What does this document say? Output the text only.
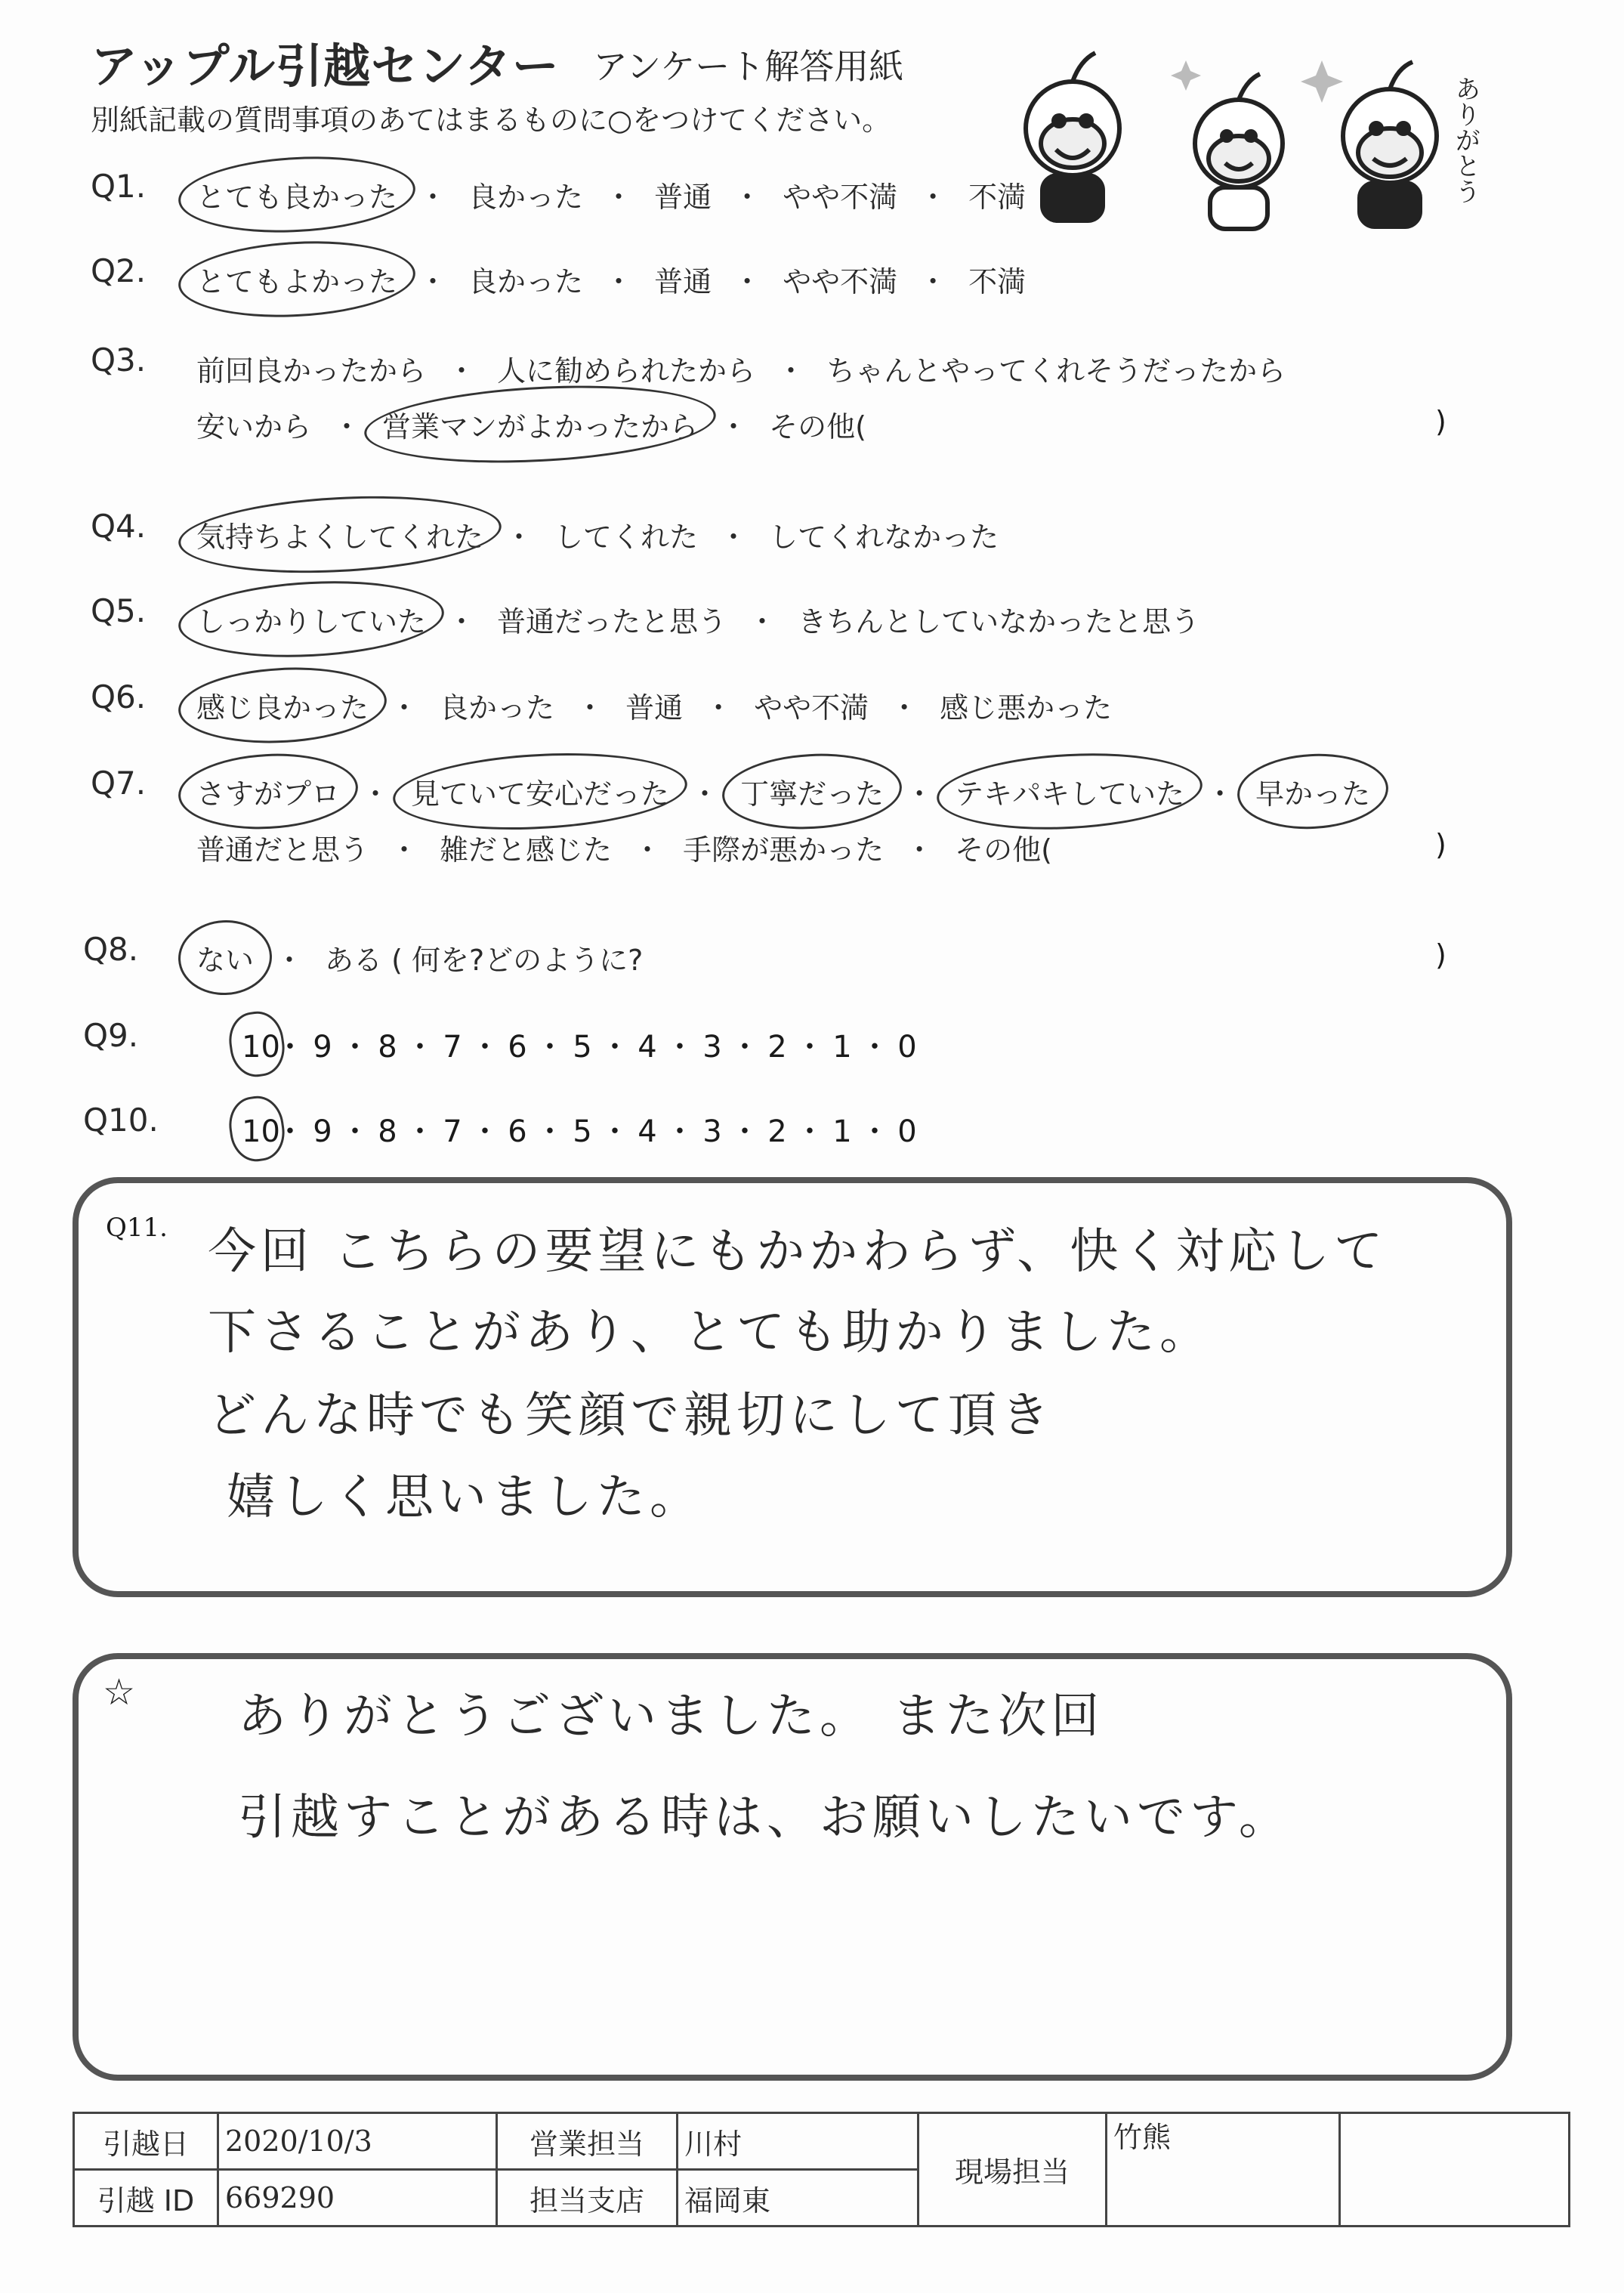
アップル引越センター アンケート解答用紙
別紙記載の質問事項のあてはまるものに○をつけてください。	ありがとう
Q1. とても良かった ・ 良かった ・ 普通 ・ やや不満 ・ 不満
Q2. とてもよかった ・ 良かった ・ 普通 ・ やや不満 ・ 不満
Q3. 前回良かったから ・ 人に勧められたから ・ ちゃんとやってくれそうだったから
安いから ・ 営業マンがよかったから ・ その他(	)
Q4. 気持ちよくしてくれた ・ してくれた ・ してくれなかった
Q5. しっかりしていた ・ 普通だったと思う ・ きちんとしていなかったと思う
Q6. 感じ良かった ・ 良かった ・ 普通 ・ やや不満 ・ 感じ悪かった
Q7. さすがプロ ・ 見ていて安心だった ・ 丁寧だった ・ テキパキしていた ・ 早かった
普通だと思う ・ 雑だと感じた ・ 手際が悪かった ・ その他(	)
Q8. ない ・ ある ( 何を?どのように?	)
Q9.	10・ 9 ・ 8 ・ 7 ・ 6 ・ 5 ・ 4 ・ 3 ・ 2 ・ 1 ・ 0
Q10.	10・ 9 ・ 8 ・ 7 ・ 6 ・ 5 ・ 4 ・ 3 ・ 2 ・ 1 ・ 0
Q11. 今回 こちらの要望にもかかわらず、快く対応して
下さることがあり、とても助かりました。
どんな時でも笑顔で親切にして頂き
嬉しく思いました。
☆ ありがとうございました。 また次回
引越すことがある時は、お願いしたいです。
引越日	2020/10/3	営業担当	川村	現場担当	竹熊	
引越 ID	669290	担当支店	福岡東			
